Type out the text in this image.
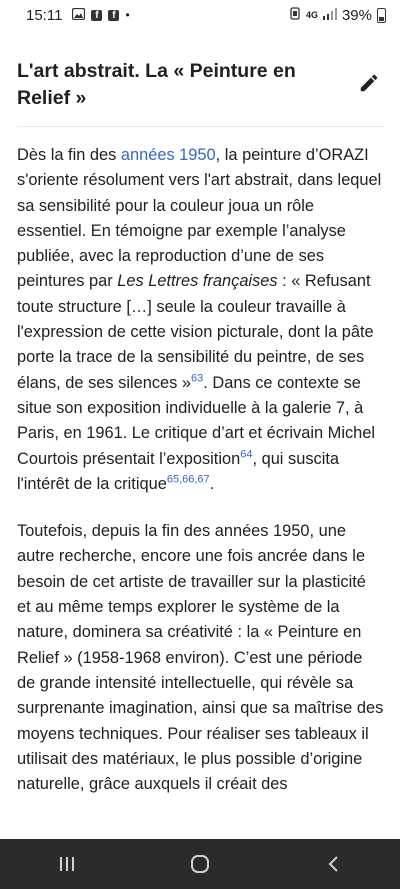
15:11	f	f •	4G 39%
L'art abstrait. La « Peinture en Relief »

Dès la fin des années 1950, la peinture d’ORAZI s'oriente résolument vers l'art abstrait, dans lequel sa sensibilité pour la couleur joua un rôle essentiel. En témoigne par exemple l’analyse publiée, avec la reproduction d’une de ses peintures par Les Lettres françaises : « Refusant toute structure […] seule la couleur travaille à l'expression de cette vision picturale, dont la pâte porte la trace de la sensibilité du peintre, de ses élans, de ses silences »$^{63}$. Dans ce contexte se situe son exposition individuelle à la galerie 7, à Paris, en 1961. Le critique d’art et écrivain Michel Courtois présentait l’exposition$^{64}$, qui suscita l'intérêt de la critique$^{65,66,67}$.

Toutefois, depuis la fin des années 1950, une autre recherche, encore une fois ancrée dans le besoin de cet artiste de travailler sur la plasticité et au même temps explorer le système de la nature, dominera sa créativité : la « Peinture en Relief » (1958-1968 environ). C’est une période de grande intensité intellectuelle, qui révèle sa surprenante imagination, ainsi que sa maîtrise des moyens techniques. Pour réaliser ses tableaux il utilisait des matériaux, le plus possible d’origine naturelle, grâce auxquels il créait des
